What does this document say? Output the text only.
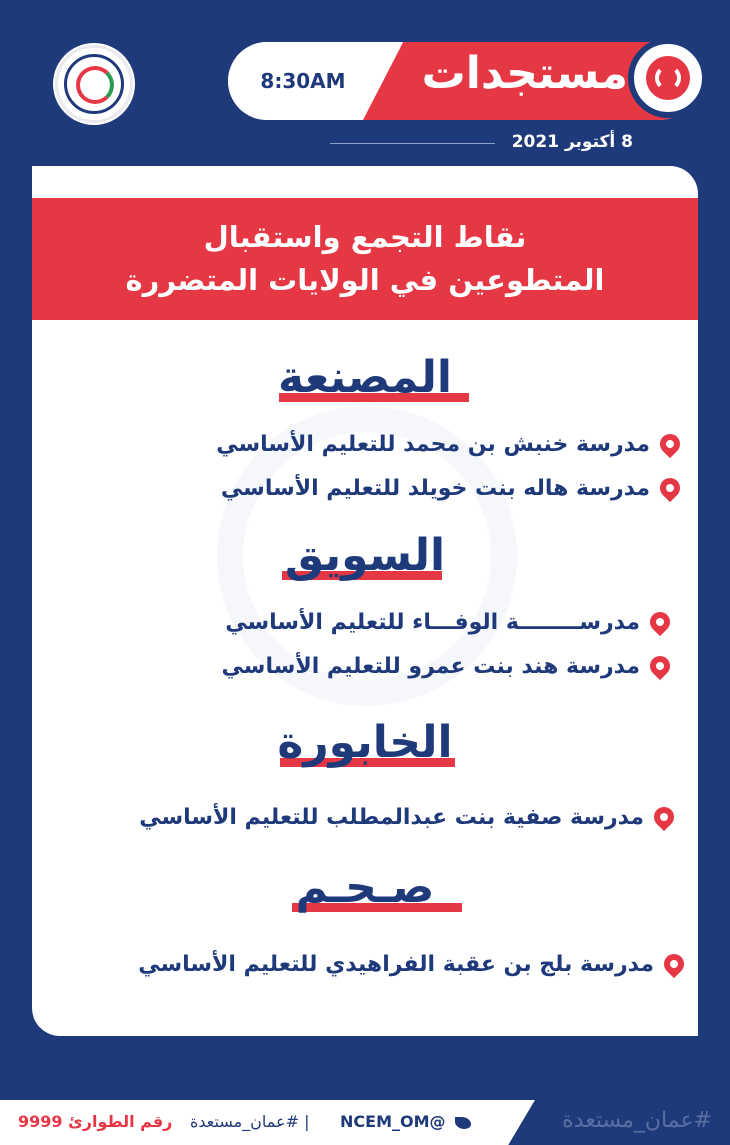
8:30AM	مستجدات
8 أكتوبر 2021
نقاط التجمع واستقبال
المتطوعين في الولايات المتضررة
المصنعة
مدرسة خنبش بن محمد للتعليم الأساسي
مدرسة هاله بنت خويلد للتعليم الأساسي
السويق
مدرســــــــة الوفـــاء للتعليم الأساسي
مدرسة هند بنت عمرو للتعليم الأساسي
الخابورة
مدرسة صفية بنت عبدالمطلب للتعليم الأساسي
صـحـم
مدرسة بلج بن عقبة الفراهيدي للتعليم الأساسي
@NCEM_OM
| #عمان_مستعدة
رقم الطوارئ 9999	#عمان_مستعدة
